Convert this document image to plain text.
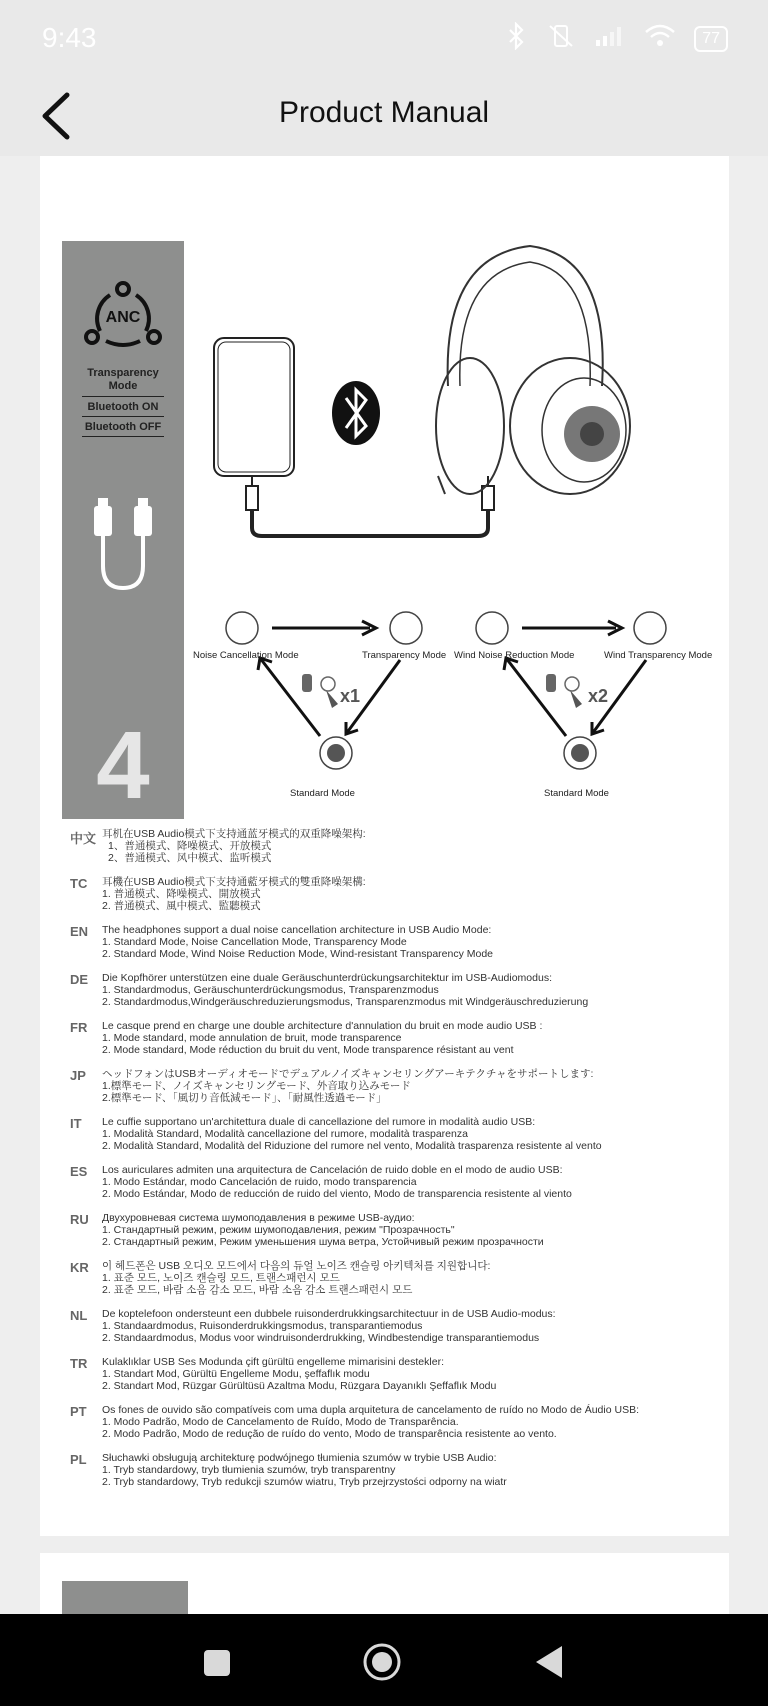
9:43	77
Product Manual
ANC
Transparency
Mode
Bluetooth ON
Bluetooth OFF
4
Noise Cancellation Mode	Transparency Mode
Standard Mode
x1
Wind Noise Reduction Mode	Wind Transparency Mode
Standard Mode
x2
中文 耳机在USB Audio模式下支持通蓝牙模式的双重降噪架构:
1、普通模式、降噪模式、开放模式
2、普通模式、风中模式、监听模式
TC	耳機在USB Audio模式下支持通藍牙模式的雙重降噪架構:
1. 普通模式、降噪模式、開放模式
2. 普通模式、風中模式、監聽模式
EN	The headphones support a dual noise cancellation architecture in USB Audio Mode:
1. Standard Mode, Noise Cancellation Mode, Transparency Mode
2. Standard Mode, Wind Noise Reduction Mode, Wind-resistant Transparency Mode
DE	Die Kopfhörer unterstützen eine duale Geräuschunterdrückungsarchitektur im USB-Audiomodus:
1. Standardmodus, Geräuschunterdrückungsmodus, Transparenzmodus
2. Standardmodus,Windgeräuschreduzierungsmodus, Transparenzmodus mit Windgeräuschreduzierung
FR	Le casque prend en charge une double architecture d'annulation du bruit en mode audio USB :
1. Mode standard, mode annulation de bruit, mode transparence
2. Mode standard, Mode réduction du bruit du vent, Mode transparence résistant au vent
JP	ヘッドフォンはUSBオーディオモードでデュアルノイズキャンセリングアーキテクチャをサポートします:
1.標準モード、ノイズキャンセリングモード、外音取り込みモード
2.標準モード、「風切り音低減モード」、「耐風性透過モード」
IT	Le cuffie supportano un'architettura duale di cancellazione del rumore in modalità audio USB:
1. Modalità Standard, Modalità cancellazione del rumore, modalità trasparenza
2. Modalità Standard, Modalità del Riduzione del rumore nel vento, Modalità trasparenza resistente al vento
ES	Los auriculares admiten una arquitectura de Cancelación de ruido doble en el modo de audio USB:
1. Modo Estándar, modo Cancelación de ruido, modo transparencia
2. Modo Estándar, Modo de reducción de ruido del viento, Modo de transparencia resistente al viento
RU	Двухуровневая система шумоподавления в режиме USB-аудио:
1. Стандартный режим, режим шумоподавления, режим "Прозрачность"
2. Стандартный режим, Режим уменьшения шума ветра, Устойчивый режим прозрачности
KR	이 헤드폰은 USB 오디오 모드에서 다음의 듀얼 노이즈 캔슬링 아키텍처를 지원합니다:
1. 표준 모드, 노이즈 캔슬링 모드, 트랜스패런시 모드
2. 표준 모드, 바람 소음 감소 모드, 바람 소음 감소 트랜스패런시 모드
NL	De koptelefoon ondersteunt een dubbele ruisonderdrukkingsarchitectuur in de USB Audio-modus:
1. Standaardmodus, Ruisonderdrukkingsmodus, transparantiemodus
2. Standaardmodus, Modus voor windruisonderdrukking, Windbestendige transparantiemodus
TR	Kulaklıklar USB Ses Modunda çift gürültü engelleme mimarisini destekler:
1. Standart Mod, Gürültü Engelleme Modu, şeffaflık modu
2. Standart Mod, Rüzgar Gürültüsü Azaltma Modu, Rüzgara Dayanıklı Şeffaflık Modu
PT	Os fones de ouvido são compatíveis com uma dupla arquitetura de cancelamento de ruído no Modo de Áudio USB:
1. Modo Padrão, Modo de Cancelamento de Ruído, Modo de Transparência.
2. Modo Padrão, Modo de redução de ruído do vento, Modo de transparência resistente ao vento.
PL	Słuchawki obsługują architekturę podwójnego tłumienia szumów w trybie USB Audio:
1. Tryb standardowy, tryb tłumienia szumów, tryb transparentny
2. Tryb standardowy, Tryb redukcji szumów wiatru, Tryb przejrzystości odporny na wiatr
